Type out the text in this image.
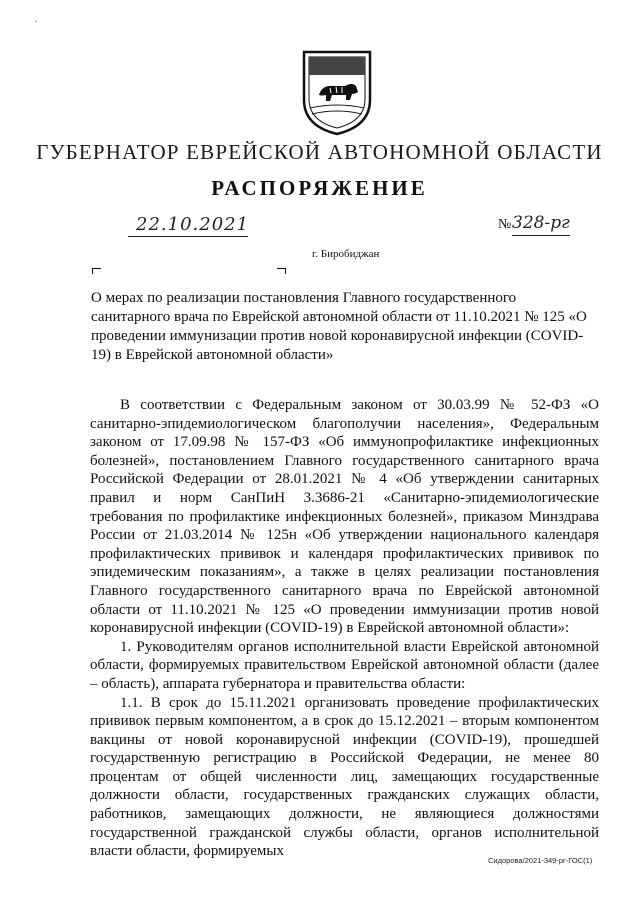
·
ГУБЕРНАТОР ЕВРЕЙСКОЙ АВТОНОМНОЙ ОБЛАСТИ
РАСПОРЯЖЕНИЕ
22.10.2021	№ 328-рг
г. Биробиджан
О мерах по реализации постановления Главного государственного санитарного врача по Еврейской автономной области от 11.10.2021 № 125 «О проведении иммунизации против новой коронавирусной инфекции (COVID-19) в Еврейской автономной области»

В соответствии с Федеральным законом от 30.03.99 № 52-ФЗ «О санитарно-эпидемиологическом благополучии населения», Федеральным законом от 17.09.98 № 157-ФЗ «Об иммунопрофилактике инфекционных болезней», постановлением Главного государственного санитарного врача Российской Федерации от 28.01.2021 № 4 «Об утверждении санитарных правил и норм СанПиН 3.3686-21 «Санитарно-эпидемиологические требования по профилактике инфекционных болезней», приказом Минздрава России от 21.03.2014 № 125н «Об утверждении национального календаря профилактических прививок и календаря профилактических прививок по эпидемическим показаниям», а также в целях реализации постановления Главного государственного санитарного врача по Еврейской автономной области от 11.10.2021 № 125 «О проведении иммунизации против новой коронавирусной инфекции (COVID-19) в Еврейской автономной области»:

1. Руководителям органов исполнительной власти Еврейской автономной области, формируемых правительством Еврейской автономной области (далее – область), аппарата губернатора и правительства области:

1.1. В срок до 15.11.2021 организовать проведение профилактических прививок первым компонентом, а в срок до 15.12.2021 – вторым компонентом вакцины от новой коронавирусной инфекции (COVID-19), прошедшей государственную регистрацию в Российской Федерации, не менее 80 процентам от общей численности лиц, замещающих государственные должности области, государственных гражданских служащих области, работников, замещающих должности, не являющиеся должностями государственной гражданской службы области, органов исполнительной власти области, формируемых

Сидорова/2021-349-рг-ГОС(1)
